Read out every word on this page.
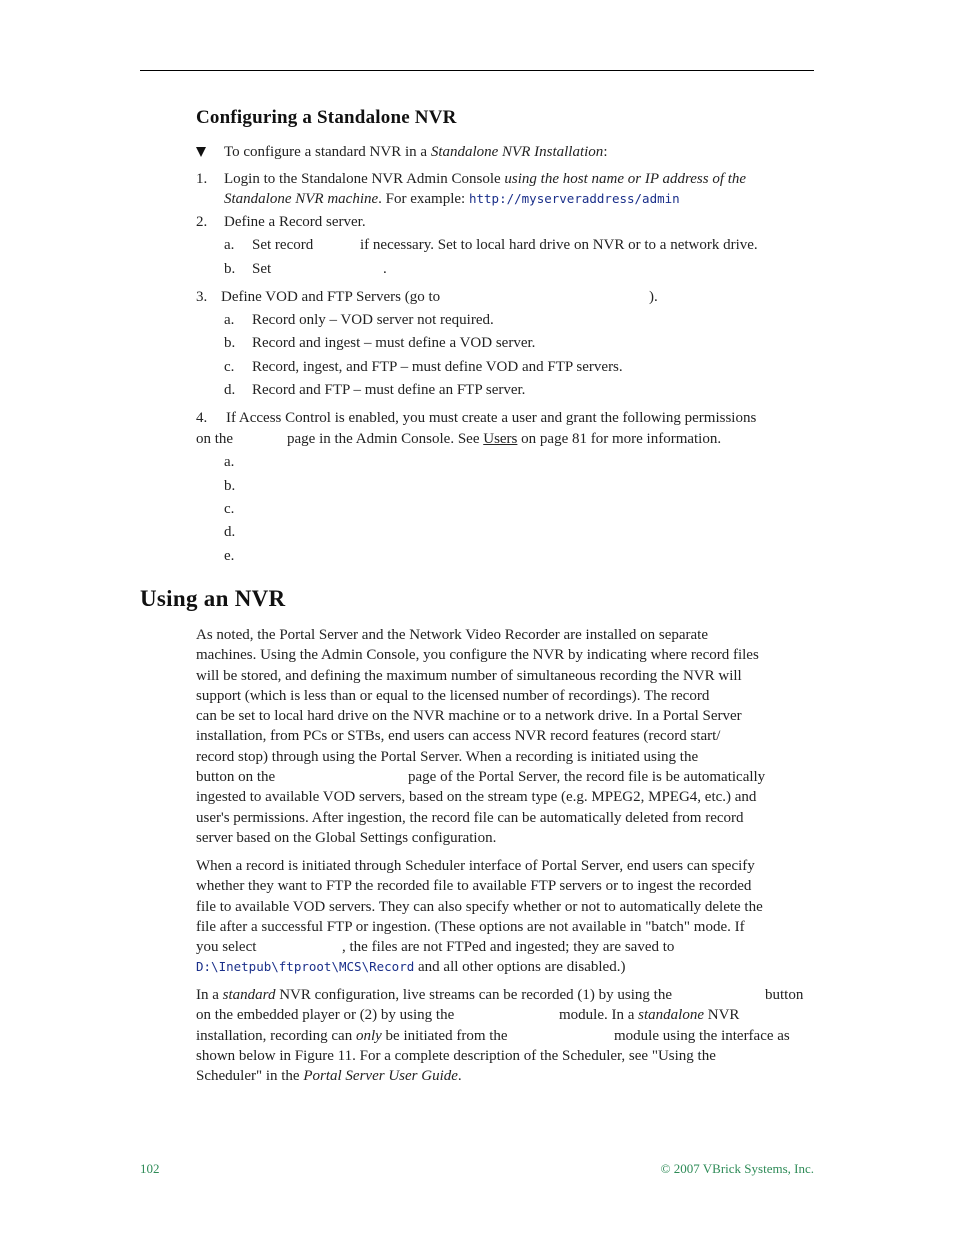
Configuring a Standalone NVR
To configure a standard NVR in a Standalone NVR Installation:
1. Login to the Standalone NVR Admin Console using the host name or IP address of the
Standalone NVR machine. For example: http://myserveraddress/admin
2. Define a Record server.
a. Set record	if necessary. Set to local hard drive on NVR or to a network drive.
b. Set	.
3. Define VOD and FTP Servers (go to	).
a. Record only – VOD server not required.
b. Record and ingest – must define a VOD server.
c. Record, ingest, and FTP – must define VOD and FTP servers.
d. Record and FTP – must define an FTP server.
4. If Access Control is enabled, you must create a user and grant the following permissions
on the	page in the Admin Console. See Users on page 81 for more information.
a.
b.
c.
d.
e.
Using an NVR
As noted, the Portal Server and the Network Video Recorder are installed on separate
machines. Using the Admin Console, you configure the NVR by indicating where record files
will be stored, and defining the maximum number of simultaneous recording the NVR will
support (which is less than or equal to the licensed number of recordings). The record
can be set to local hard drive on the NVR machine or to a network drive. In a Portal Server
installation, from PCs or STBs, end users can access NVR record features (record start/
record stop) through using the Portal Server. When a recording is initiated using the
button on the	page of the Portal Server, the record file is be automatically
ingested to available VOD servers, based on the stream type (e.g. MPEG2, MPEG4, etc.) and
user's permissions. After ingestion, the record file can be automatically deleted from record
server based on the Global Settings configuration.
When a record is initiated through Scheduler interface of Portal Server, end users can specify
whether they want to FTP the recorded file to available FTP servers or to ingest the recorded
file to available VOD servers. They can also specify whether or not to automatically delete the
file after a successful FTP or ingestion. (These options are not available in "batch" mode. If
you select	, the files are not FTPed and ingested; they are saved to
D:\Inetpub\ftproot\MCS\Record and all other options are disabled.)
In a standard NVR configuration, live streams can be recorded (1) by using the	button
on the embedded player or (2) by using the	module. In a standalone NVR
installation, recording can only be initiated from the	module using the interface as
shown below in Figure 11. For a complete description of the Scheduler, see "Using the
Scheduler" in the Portal Server User Guide.
102	© 2007 VBrick Systems, Inc.
